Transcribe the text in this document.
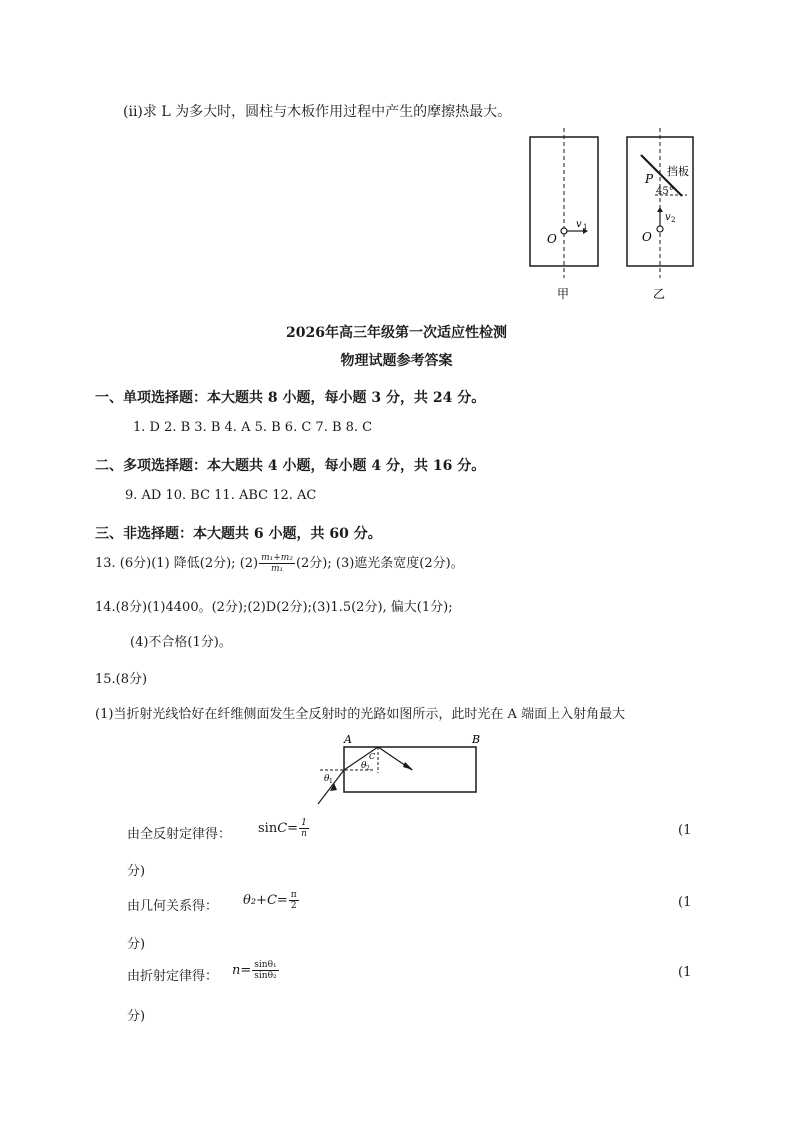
(ii)求 L 为多大时，圆柱与木板作用过程中产生的摩擦热最大。
O
v 1
甲
O
v 2
P
挡板
45°
乙
2026年高三年级第一次适应性检测
物理试题参考答案
一、单项选择题：本大题共 8 小题，每小题 3 分，共 24 分。
1. D 2. B 3. B 4. A 5. B 6. C 7. B 8. C
二、多项选择题：本大题共 4 小题，每小题 4 分，共 16 分。
9. AD 10. BC 11. ABC 12. AC
三、非选择题：本大题共 6 小题，共 60 分。
13. (6分)(1) 降低(2分); $(2) \frac{\text{m₁+m₂}}{\text{m₁}} (2$分); (3)遮光条宽度(2分)。
14.(8分)(1)4400。(2分);(2)D(2分);(3)1.5(2分), 偏大(1分);
(4)不合格(1分)。
15.(8分)
(1)当折射光线恰好在纤维侧面发生全反射时的光路如图所示，此时光在 A 端面上入射角最大
A	B
θ 1
θ 2
C
由全反射定律得： $\sin C= \frac{1}{n}$	(1
分)
由几何关系得： $\theta_2+C= \frac{\pi}{2}$	(1
分)
由折射定律得： $n= \frac{\text{sinθ₁}}{\text{sinθ₂}}$	(1
分)
